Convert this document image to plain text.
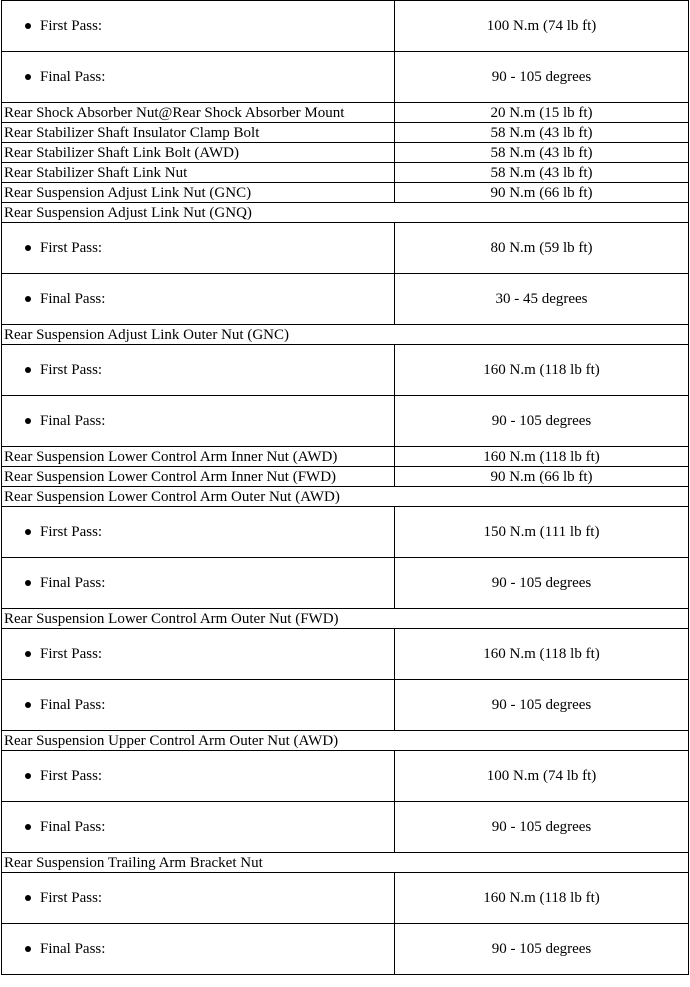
First Pass:	100 N.m (74 lb ft)
Final Pass:	90 - 105 degrees
Rear Shock Absorber Nut@Rear Shock Absorber Mount	20 N.m (15 lb ft)
Rear Stabilizer Shaft Insulator Clamp Bolt	58 N.m (43 lb ft)
Rear Stabilizer Shaft Link Bolt (AWD)	58 N.m (43 lb ft)
Rear Stabilizer Shaft Link Nut	58 N.m (43 lb ft)
Rear Suspension Adjust Link Nut (GNC)	90 N.m (66 lb ft)
Rear Suspension Adjust Link Nut (GNQ)	
First Pass:	80 N.m (59 lb ft)
Final Pass:	30 - 45 degrees
Rear Suspension Adjust Link Outer Nut (GNC)	
First Pass:	160 N.m (118 lb ft)
Final Pass:	90 - 105 degrees
Rear Suspension Lower Control Arm Inner Nut (AWD)	160 N.m (118 lb ft)
Rear Suspension Lower Control Arm Inner Nut (FWD)	90 N.m (66 lb ft)
Rear Suspension Lower Control Arm Outer Nut (AWD)	
First Pass:	150 N.m (111 lb ft)
Final Pass:	90 - 105 degrees
Rear Suspension Lower Control Arm Outer Nut (FWD)	
First Pass:	160 N.m (118 lb ft)
Final Pass:	90 - 105 degrees
Rear Suspension Upper Control Arm Outer Nut (AWD)	
First Pass:	100 N.m (74 lb ft)
Final Pass:	90 - 105 degrees
Rear Suspension Trailing Arm Bracket Nut	
First Pass:	160 N.m (118 lb ft)
Final Pass:	90 - 105 degrees
